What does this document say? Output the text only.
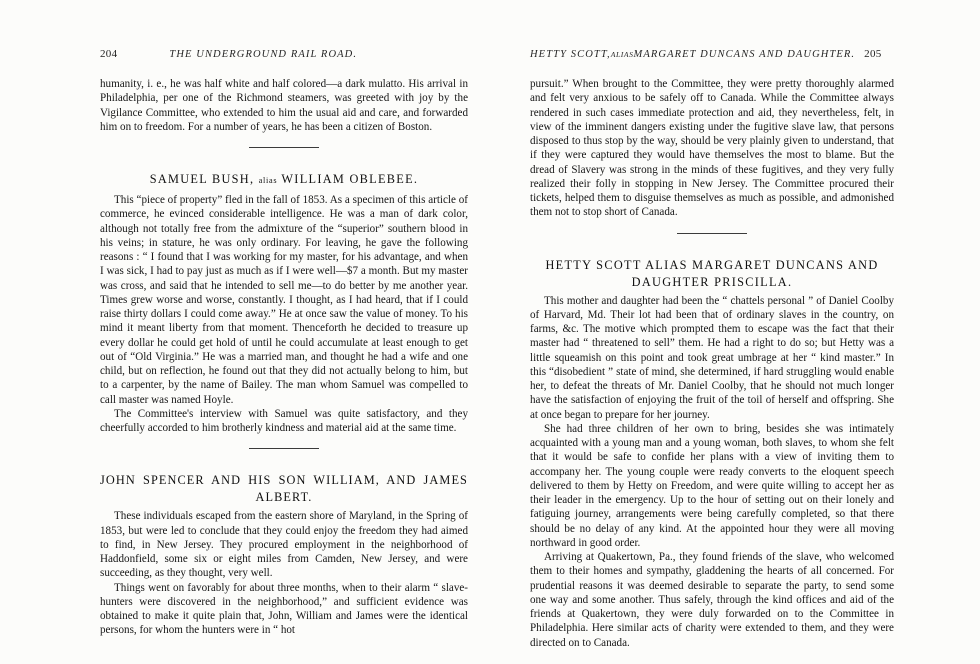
204	THE UNDERGROUND RAIL ROAD.

humanity, i. e., he was half white and half colored—a dark mulatto. His arrival in Philadelphia, per one of the Richmond steamers, was greeted with joy by the Vigilance Committee, who extended to him the usual aid and care, and forwarded him on to freedom. For a number of years, he has been a citizen of Boston.

SAMUEL BUSH, alias WILLIAM OBLEBEE.

This “piece of property” fled in the fall of 1853. As a specimen of this article of commerce, he evinced considerable intelligence. He was a man of dark color, although not totally free from the admixture of the “superior” southern blood in his veins; in stature, he was only ordinary. For leaving, he gave the following reasons : “ I found that I was working for my master, for his advantage, and when I was sick, I had to pay just as much as if I were well—$7 a month. But my master was cross, and said that he intended to sell me—to do better by me another year. Times grew worse and worse, constantly. I thought, as I had heard, that if I could raise thirty dollars I could come away.” He at once saw the value of money. To his mind it meant liberty from that moment. Thenceforth he decided to treasure up every dollar he could get hold of until he could accumulate at least enough to get out of “Old Virginia.” He was a married man, and thought he had a wife and one child, but on reflection, he found out that they did not actually belong to him, but to a carpenter, by the name of Bailey. The man whom Samuel was compelled to call master was named Hoyle.

The Committee's interview with Samuel was quite satisfactory, and they cheerfully accorded to him brotherly kindness and material aid at the same time.

JOHN SPENCER AND HIS SON WILLIAM, AND JAMES
ALBERT.

These individuals escaped from the eastern shore of Maryland, in the Spring of 1853, but were led to conclude that they could enjoy the freedom they had aimed to find, in New Jersey. They procured employment in the neighborhood of Haddonfield, some six or eight miles from Camden, New Jersey, and were succeeding, as they thought, very well.

Things went on favorably for about three months, when to their alarm “ slave-hunters were discovered in the neighborhood,” and sufficient evidence was obtained to make it quite plain that, John, William and James were the identical persons, for whom the hunters were in “ hot

HETTY SCOTT, ALIAS MARGARET DUNCANS AND DAUGHTER. 205

pursuit.” When brought to the Committee, they were pretty thoroughly alarmed and felt very anxious to be safely off to Canada. While the Committee always rendered in such cases immediate protection and aid, they nevertheless, felt, in view of the imminent dangers existing under the fugitive slave law, that persons disposed to thus stop by the way, should be very plainly given to understand, that if they were captured they would have themselves the most to blame. But the dread of Slavery was strong in the minds of these fugitives, and they very fully realized their folly in stopping in New Jersey. The Committee procured their tickets, helped them to disguise themselves as much as possible, and admonished them not to stop short of Canada.

HETTY SCOTT ALIAS MARGARET DUNCANS AND
DAUGHTER PRISCILLA.

This mother and daughter had been the “ chattels personal ” of Daniel Coolby of Harvard, Md. Their lot had been that of ordinary slaves in the country, on farms, &c. The motive which prompted them to escape was the fact that their master had “ threatened to sell” them. He had a right to do so; but Hetty was a little squeamish on this point and took great umbrage at her “ kind master.” In this “disobedient ” state of mind, she determined, if hard struggling would enable her, to defeat the threats of Mr. Daniel Coolby, that he should not much longer have the satisfaction of enjoying the fruit of the toil of herself and offspring. She at once began to prepare for her journey.

She had three children of her own to bring, besides she was intimately acquainted with a young man and a young woman, both slaves, to whom she felt that it would be safe to confide her plans with a view of inviting them to accompany her. The young couple were ready converts to the eloquent speech delivered to them by Hetty on Freedom, and were quite willing to accept her as their leader in the emergency. Up to the hour of setting out on their lonely and fatiguing journey, arrangements were being carefully completed, so that there should be no delay of any kind. At the appointed hour they were all moving northward in good order.

Arriving at Quakertown, Pa., they found friends of the slave, who welcomed them to their homes and sympathy, gladdening the hearts of all concerned. For prudential reasons it was deemed desirable to separate the party, to send some one way and some another. Thus safely, through the kind offices and aid of the friends at Quakertown, they were duly forwarded on to the Committee in Philadelphia. Here similar acts of charity were extended to them, and they were directed on to Canada.
